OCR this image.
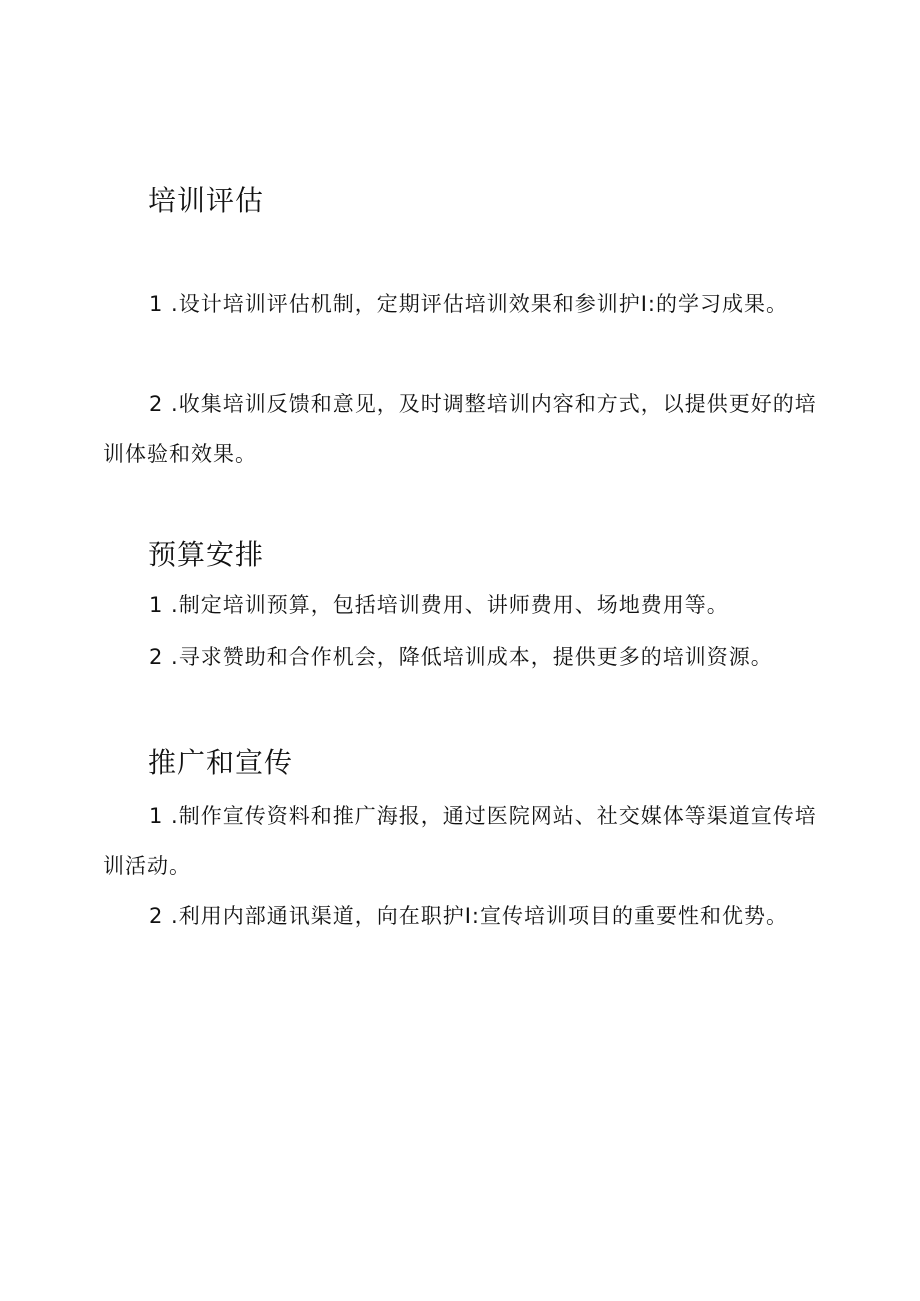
培训评估
1 .设计培训评估机制，定期评估培训效果和参训护I:的学习成果。
2 .收集培训反馈和意见，及时调整培训内容和方式，以提供更好的培训体验和效果。
预算安排
1 .制定培训预算，包括培训费用、讲师费用、场地费用等。
2 .寻求赞助和合作机会，降低培训成本，提供更多的培训资源。
推广和宣传
1 .制作宣传资料和推广海报，通过医院网站、社交媒体等渠道宣传培训活动。
2 .利用内部通讯渠道，向在职护I:宣传培训项目的重要性和优势。
